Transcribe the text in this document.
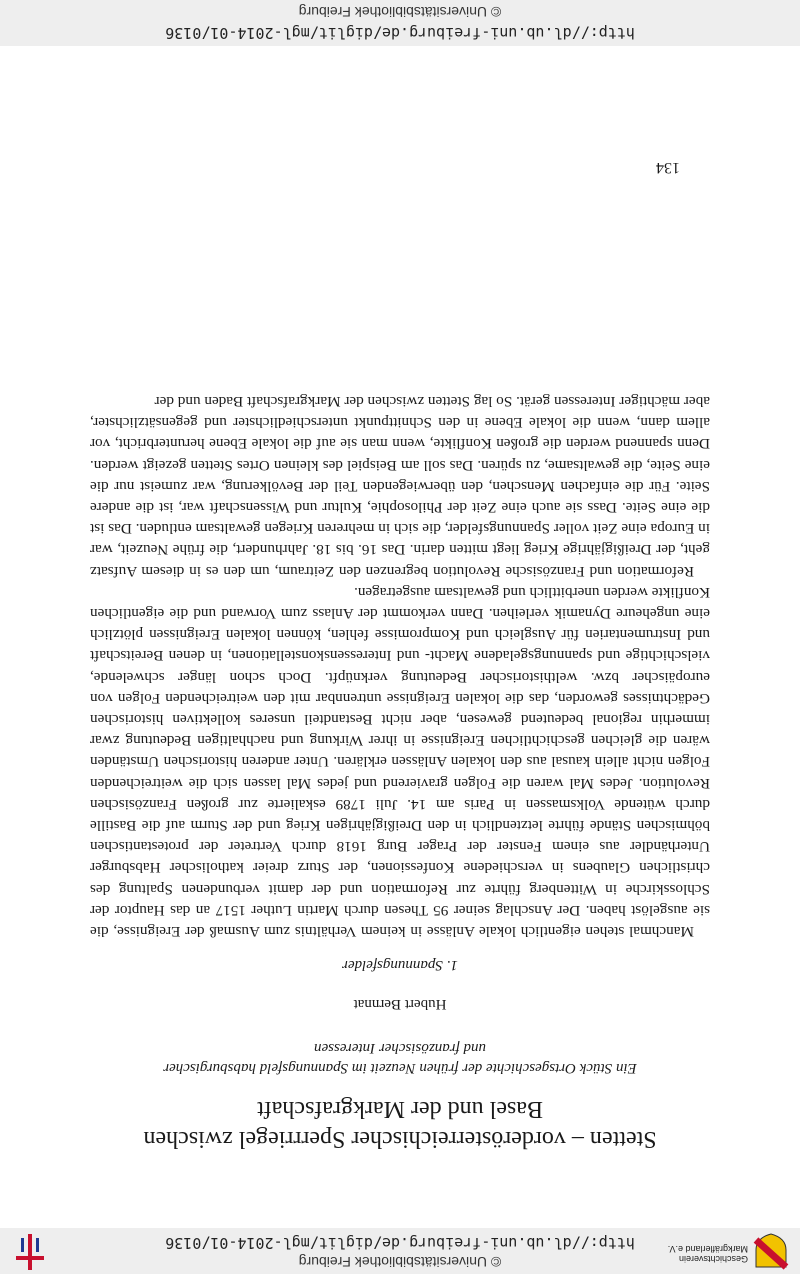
© Universitätsbibliothek Freiburg
http://dl.ub.uni-freiburg.de/diglit/mgl-2014-01/0136
Geschichtsverein Markgräflerland e.V.
Stetten – vorderösterreichischer Sperrriegel zwischen
Basel und der Markgrafschaft

Ein Stück Ortsgeschichte der frühen Neuzeit im Spannungsfeld habsburgischer
und französischer Interessen

Hubert Bernnat

1. Spannungsfelder

Manchmal stehen eigentlich lokale Anlässe in keinem Verhältnis zum Ausmaß der Ereignisse, die sie ausgelöst haben. Der Anschlag seiner 95 Thesen durch Martin Luther 1517 an das Hauptor der Schlosskirche in Wittenberg führte zur Reformation und der damit verbundenen Spaltung des christlichen Glaubens in verschiedene Konfessionen, der Sturz dreier katholischer Habsburger Unterhändler aus einem Fenster der Prager Burg 1618 durch Vertreter der protestantischen böhmischen Stände führte letztendlich in den Dreißigjährigen Krieg und der Sturm auf die Bastille durch wütende Volksmassen in Paris am 14. Juli 1789 eskalierte zur großen Französischen Revolution. Jedes Mal waren die Folgen gravierend und jedes Mal lassen sich die weitreichenden Folgen nicht allein kausal aus den lokalen Anlässen erklären. Unter anderen historischen Umständen wären die gleichen geschichtlichen Ereignisse in ihrer Wirkung und nachhaltigen Bedeutung zwar immerhin regional bedeutend gewesen, aber nicht Bestandteil unseres kollektiven historischen Gedächtnisses geworden, das die lokalen Ereignisse untrennbar mit den weitreichenden Folgen von europäischer bzw. welthistorischer Bedeutung verknüpft. Doch schon länger schwelende, vielschichtige und spannungsgeladene Macht- und Interessenskonstellationen, in denen Bereitschaft und Instrumentarien für Ausgleich und Kompromisse fehlen, können lokalen Ereignissen plötzlich eine ungeheure Dynamik verleihen. Dann verkommt der Anlass zum Vorwand und die eigentlichen Konflikte werden unerbittlich und gewaltsam ausgetragen.

Reformation und Französische Revolution begrenzen den Zeitraum, um den es in diesem Aufsatz geht, der Dreißigjährige Krieg liegt mitten darin. Das 16. bis 18. Jahrhundert, die frühe Neuzeit, war in Europa eine Zeit voller Spannungsfelder, die sich in mehreren Kriegen gewaltsam entluden. Das ist die eine Seite. Dass sie auch eine Zeit der Philosophie, Kultur und Wissenschaft war, ist die andere Seite. Für die einfachen Menschen, den überwiegenden Teil der Bevölkerung, war zumeist nur die eine Seite, die gewaltsame, zu spüren. Das soll am Beispiel des kleinen Ortes Stetten gezeigt werden. Denn spannend werden die großen Konflikte, wenn man sie auf die lokale Ebene herunterbricht, vor allem dann, wenn die lokale Ebene in den Schnittpunkt unterschiedlichster und gegensätzlichster, aber mächtiger Interessen gerät. So lag Stetten zwischen der Markgrafschaft Baden und der

134
http://dl.ub.uni-freiburg.de/diglit/mgl-2014-01/0136
© Universitätsbibliothek Freiburg
